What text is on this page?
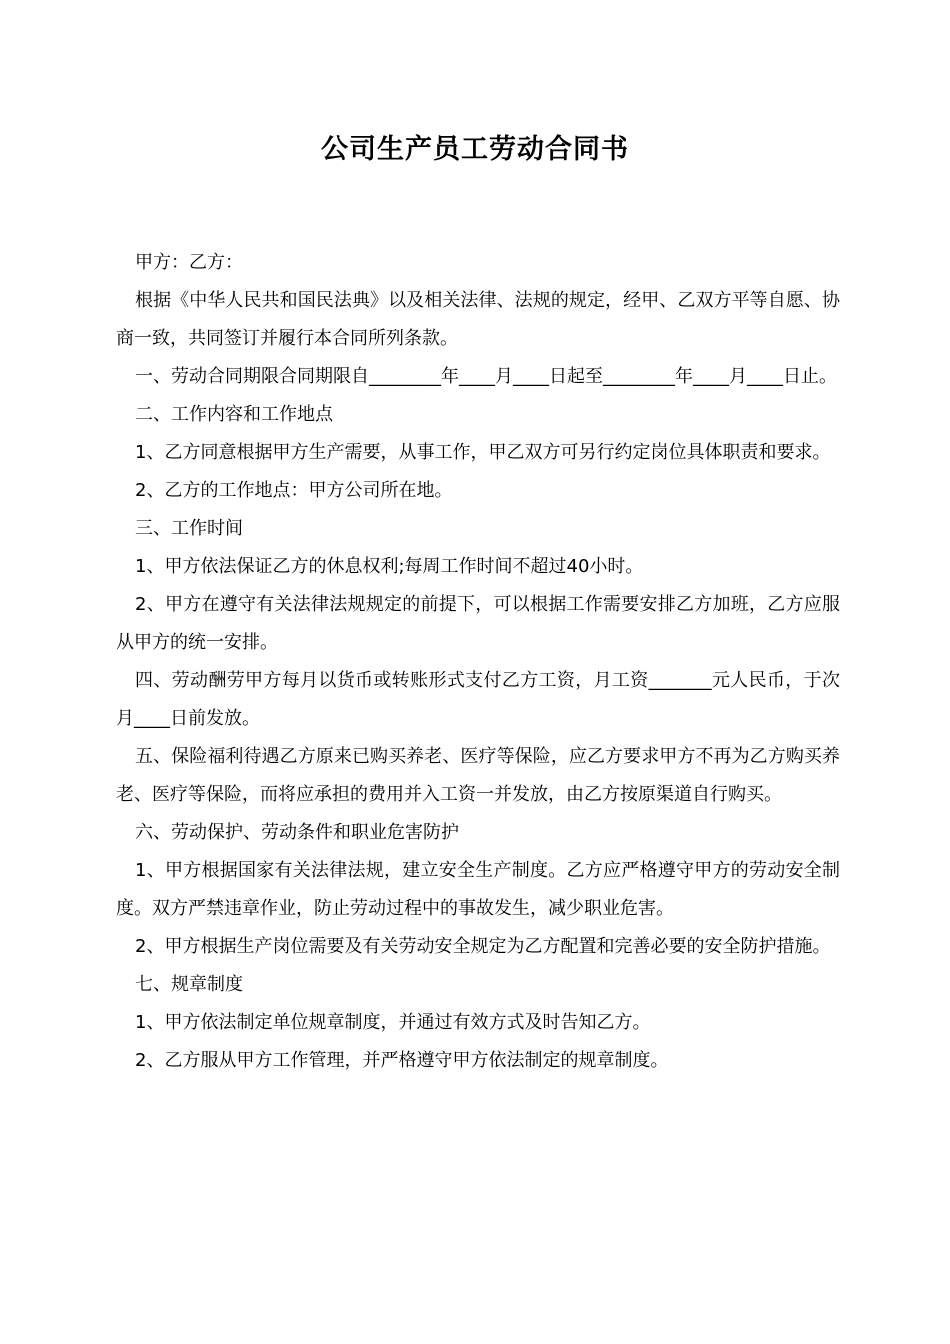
公司生产员工劳动合同书

甲方：乙方：

根据《中华人民共和国民法典》以及相关法律、法规的规定，经甲、乙双方平等自愿、协商一致，共同签订并履行本合同所列条款。

一、劳动合同期限合同期限自________年____月____日起至________年____月____日止。

二、工作内容和工作地点

1、乙方同意根据甲方生产需要，从事工作，甲乙双方可另行约定岗位具体职责和要求。

2、乙方的工作地点：甲方公司所在地。

三、工作时间

1、甲方依法保证乙方的休息权利;每周工作时间不超过40小时。

2、甲方在遵守有关法律法规规定的前提下，可以根据工作需要安排乙方加班，乙方应服从甲方的统一安排。

四、劳动酬劳甲方每月以货币或转账形式支付乙方工资，月工资_______元人民币，于次月____日前发放。

五、保险福利待遇乙方原来已购买养老、医疗等保险，应乙方要求甲方不再为乙方购买养老、医疗等保险，而将应承担的费用并入工资一并发放，由乙方按原渠道自行购买。

六、劳动保护、劳动条件和职业危害防护

1、甲方根据国家有关法律法规，建立安全生产制度。乙方应严格遵守甲方的劳动安全制度。双方严禁违章作业，防止劳动过程中的事故发生，减少职业危害。

2、甲方根据生产岗位需要及有关劳动安全规定为乙方配置和完善必要的安全防护措施。

七、规章制度

1、甲方依法制定单位规章制度，并通过有效方式及时告知乙方。

2、乙方服从甲方工作管理，并严格遵守甲方依法制定的规章制度。
